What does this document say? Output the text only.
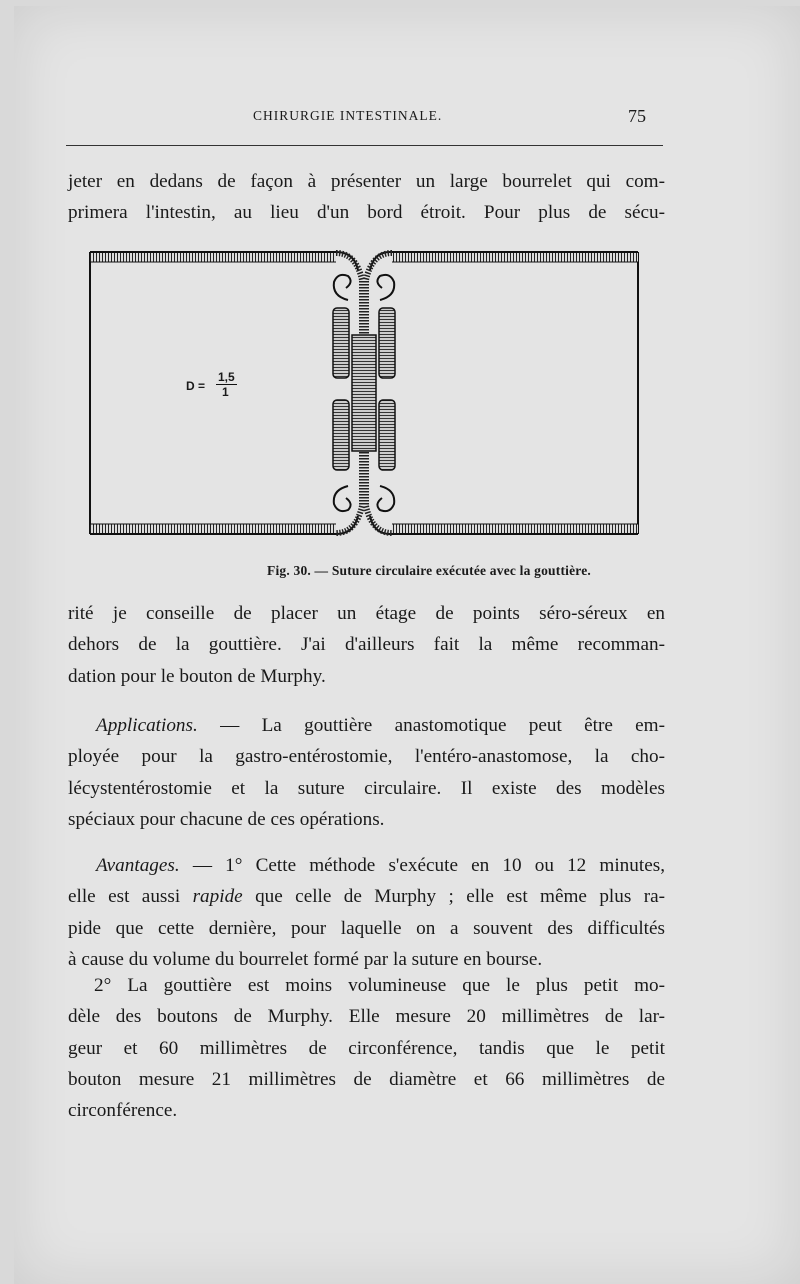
CHIRURGIE INTESTINALE.	75

jeter en dedans de façon à présenter un large bourrelet qui com-
primera l'intestin, au lieu d'un bord étroit. Pour plus de sécu-

D =
1,5
1
Fig. 30. — Suture circulaire exécutée avec la gouttière.

rité je conseille de placer un étage de points séro-séreux en
dehors de la gouttière. J'ai d'ailleurs fait la même recomman-
dation pour le bouton de Murphy.

Applications. — La gouttière anastomotique peut être em-
ployée pour la gastro-entérostomie, l'entéro-anastomose, la cho-
lécystentérostomie et la suture circulaire. Il existe des modèles
spéciaux pour chacune de ces opérations.

Avantages. — 1° Cette méthode s'exécute en 10 ou 12 minutes,
elle est aussi rapide que celle de Murphy ; elle est même plus ra-
pide que cette dernière, pour laquelle on a souvent des difficultés
à cause du volume du bourrelet formé par la suture en bourse.

2° La gouttière est moins volumineuse que le plus petit mo-
dèle des boutons de Murphy. Elle mesure 20 millimètres de lar-
geur et 60 millimètres de circonférence, tandis que le petit
bouton mesure 21 millimètres de diamètre et 66 millimètres de
circonférence.
